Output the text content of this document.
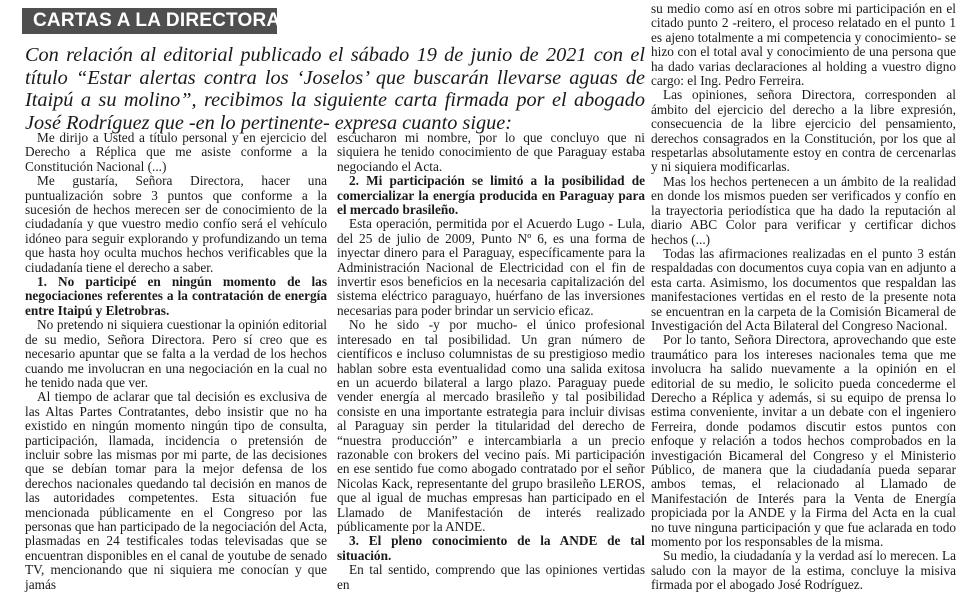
CARTAS A LA DIRECTORA

Con relación al editorial publicado el sábado 19 de junio de 2021 con el título “Estar alertas contra los ‘Joselos’ que buscarán llevarse aguas de Itaipú a su molino”, recibimos la siguiente carta firmada por el abogado José Rodríguez que -en lo pertinente- expresa cuanto sigue:

Me dirijo a Usted a título personal y en ejercicio del Derecho a Réplica que me asiste conforme a la Constitución Nacional (...)

Me gustaría, Señora Directora, hacer una puntualización sobre 3 puntos que conforme a la sucesión de hechos merecen ser de conocimiento de la ciudadanía y que vuestro medio confío será el vehículo idóneo para seguir explorando y profundizando un tema que hasta hoy oculta muchos hechos verificables que la ciudadanía tiene el derecho a saber.

1. No participé en ningún momento de las negociaciones referentes a la contratación de energía entre Itaipú y Eletrobras.

No pretendo ni siquiera cuestionar la opinión editorial de su medio, Señora Directora. Pero sí creo que es necesario apuntar que se falta a la verdad de los hechos cuando me involucran en una negociación en la cual no he tenido nada que ver.

Al tiempo de aclarar que tal decisión es exclusiva de las Altas Partes Contratantes, debo insistir que no ha existido en ningún momento ningún tipo de consulta, participación, llamada, incidencia o pretensión de incluir sobre las mismas por mi parte, de las decisiones que se debían tomar para la mejor defensa de los derechos nacionales quedando tal decisión en manos de las autoridades competentes. Esta situación fue mencionada públicamente en el Congreso por las personas que han participado de la negociación del Acta, plasmadas en 24 testificales todas televisadas que se encuentran disponibles en el canal de youtube de senado TV, mencionando que ni siquiera me conocían y que jamás

escucharon mi nombre, por lo que concluyo que ni siquiera he tenido conocimiento de que Paraguay estaba negociando el Acta.

2. Mi participación se limitó a la posibilidad de comercializar la energía producida en Paraguay para el mercado brasileño.

Esta operación, permitida por el Acuerdo Lugo - Lula, del 25 de julio de 2009, Punto Nº 6, es una forma de inyectar dinero para el Paraguay, específicamente para la Administración Nacional de Electricidad con el fin de invertir esos beneficios en la necesaria capitalización del sistema eléctrico paraguayo, huérfano de las inversiones necesarias para poder brindar un servicio eficaz.

No he sido -y por mucho- el único profesional interesado en tal posibilidad. Un gran número de científicos e incluso columnistas de su prestigioso medio hablan sobre esta eventualidad como una salida exitosa en un acuerdo bilateral a largo plazo. Paraguay puede vender energía al mercado brasileño y tal posibilidad consiste en una importante estrategia para incluir divisas al Paraguay sin perder la titularidad del derecho de “nuestra producción” e intercambiarla a un precio razonable con brokers del vecino país. Mi participación en ese sentido fue como abogado contratado por el señor Nicolas Kack, representante del grupo brasileño LEROS, que al igual de muchas empresas han participado en el Llamado de Manifestación de interés realizado públicamente por la ANDE.

3. El pleno conocimiento de la ANDE de tal situación.

En tal sentido, comprendo que las opiniones vertidas en

su medio como así en otros sobre mi participación en el citado punto 2 -reitero, el proceso relatado en el punto 1 es ajeno totalmente a mi competencia y conocimiento- se hizo con el total aval y conocimiento de una persona que ha dado varias declaraciones al holding a vuestro digno cargo: el Ing. Pedro Ferreira.

Las opiniones, señora Directora, corresponden al ámbito del ejercicio del derecho a la libre expresión, consecuencia de la libre ejercicio del pensamiento, derechos consagrados en la Constitución, por los que al respetarlas absolutamente estoy en contra de cercenarlas y ni siquiera modificarlas.

Mas los hechos pertenecen a un ámbito de la realidad en donde los mismos pueden ser verificados y confío en la trayectoria periodística que ha dado la reputación al diario ABC Color para verificar y certificar dichos hechos (...)

Todas las afirmaciones realizadas en el punto 3 están respaldadas con documentos cuya copia van en adjunto a esta carta. Asimismo, los documentos que respaldan las manifestaciones vertidas en el resto de la presente nota se encuentran en la carpeta de la Comisión Bicameral de Investigación del Acta Bilateral del Congreso Nacional.

Por lo tanto, Señora Directora, aprovechando que este traumático para los intereses nacionales tema que me involucra ha salido nuevamente a la opinión en el editorial de su medio, le solicito pueda concederme el Derecho a Réplica y además, si su equipo de prensa lo estima conveniente, invitar a un debate con el ingeniero Ferreira, donde podamos discutir estos puntos con enfoque y relación a todos hechos comprobados en la investigación Bicameral del Congreso y el Ministerio Público, de manera que la ciudadanía pueda separar ambos temas, el relacionado al Llamado de Manifestación de Interés para la Venta de Energía propiciada por la ANDE y la Firma del Acta en la cual no tuve ninguna participación y que fue aclarada en todo momento por los responsables de la misma.

Su medio, la ciudadanía y la verdad así lo merecen. La saludo con la mayor de la estima, concluye la misiva firmada por el abogado José Rodríguez.
